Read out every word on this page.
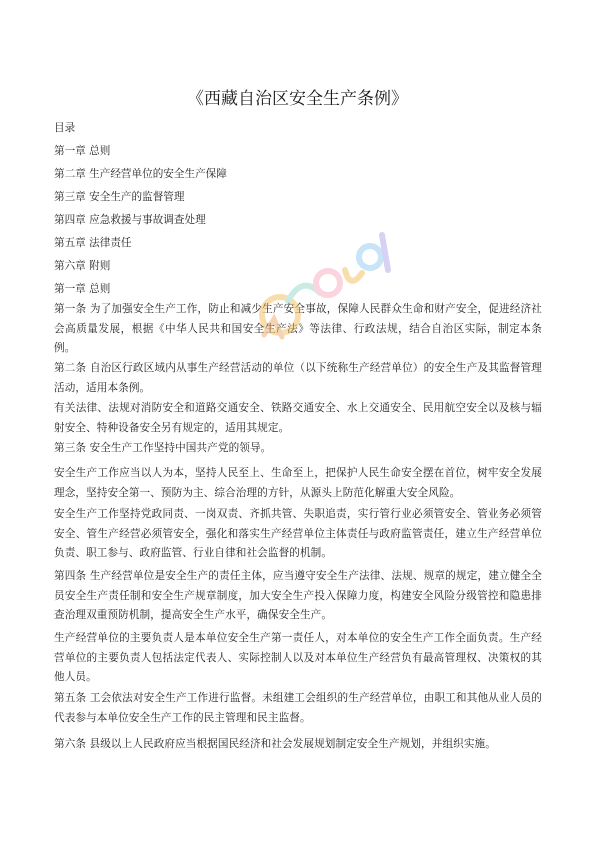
《西藏自治区安全生产条例》
目录
第一章 总则
第二章 生产经营单位的安全生产保障
第三章 安全生产的监督管理
第四章 应急救援与事故调查处理
第五章 法律责任
第六章 附则
第一章 总则
第一条 为了加强安全生产工作，防止和减少生产安全事故，保障人民群众生命和财产安全，促进经济社会高质量发展，根据《中华人民共和国安全生产法》等法律、行政法规，结合自治区实际，制定本条例。
第二条 自治区行政区域内从事生产经营活动的单位（以下统称生产经营单位）的安全生产及其监督管理活动，适用本条例。
有关法律、法规对消防安全和道路交通安全、铁路交通安全、水上交通安全、民用航空安全以及核与辐射安全、特种设备安全另有规定的，适用其规定。
第三条 安全生产工作坚持中国共产党的领导。
安全生产工作应当以人为本，坚持人民至上、生命至上，把保护人民生命安全摆在首位，树牢安全发展理念，坚持安全第一、预防为主、综合治理的方针，从源头上防范化解重大安全风险。
安全生产工作坚持党政同责、一岗双责、齐抓共管、失职追责，实行管行业必须管安全、管业务必须管安全、管生产经营必须管安全，强化和落实生产经营单位主体责任与政府监管责任，建立生产经营单位负责、职工参与、政府监管、行业自律和社会监督的机制。
第四条 生产经营单位是安全生产的责任主体，应当遵守安全生产法律、法规、规章的规定，建立健全全员安全生产责任制和安全生产规章制度，加大安全生产投入保障力度，构建安全风险分级管控和隐患排查治理双重预防机制，提高安全生产水平，确保安全生产。
生产经营单位的主要负责人是本单位安全生产第一责任人，对本单位的安全生产工作全面负责。生产经营单位的主要负责人包括法定代表人、实际控制人以及对本单位生产经营负有最高管理权、决策权的其他人员。
第五条 工会依法对安全生产工作进行监督。未组建工会组织的生产经营单位，由职工和其他从业人员的代表参与本单位安全生产工作的民主管理和民主监督。
第六条 县级以上人民政府应当根据国民经济和社会发展规划制定安全生产规划，并组织实施。
